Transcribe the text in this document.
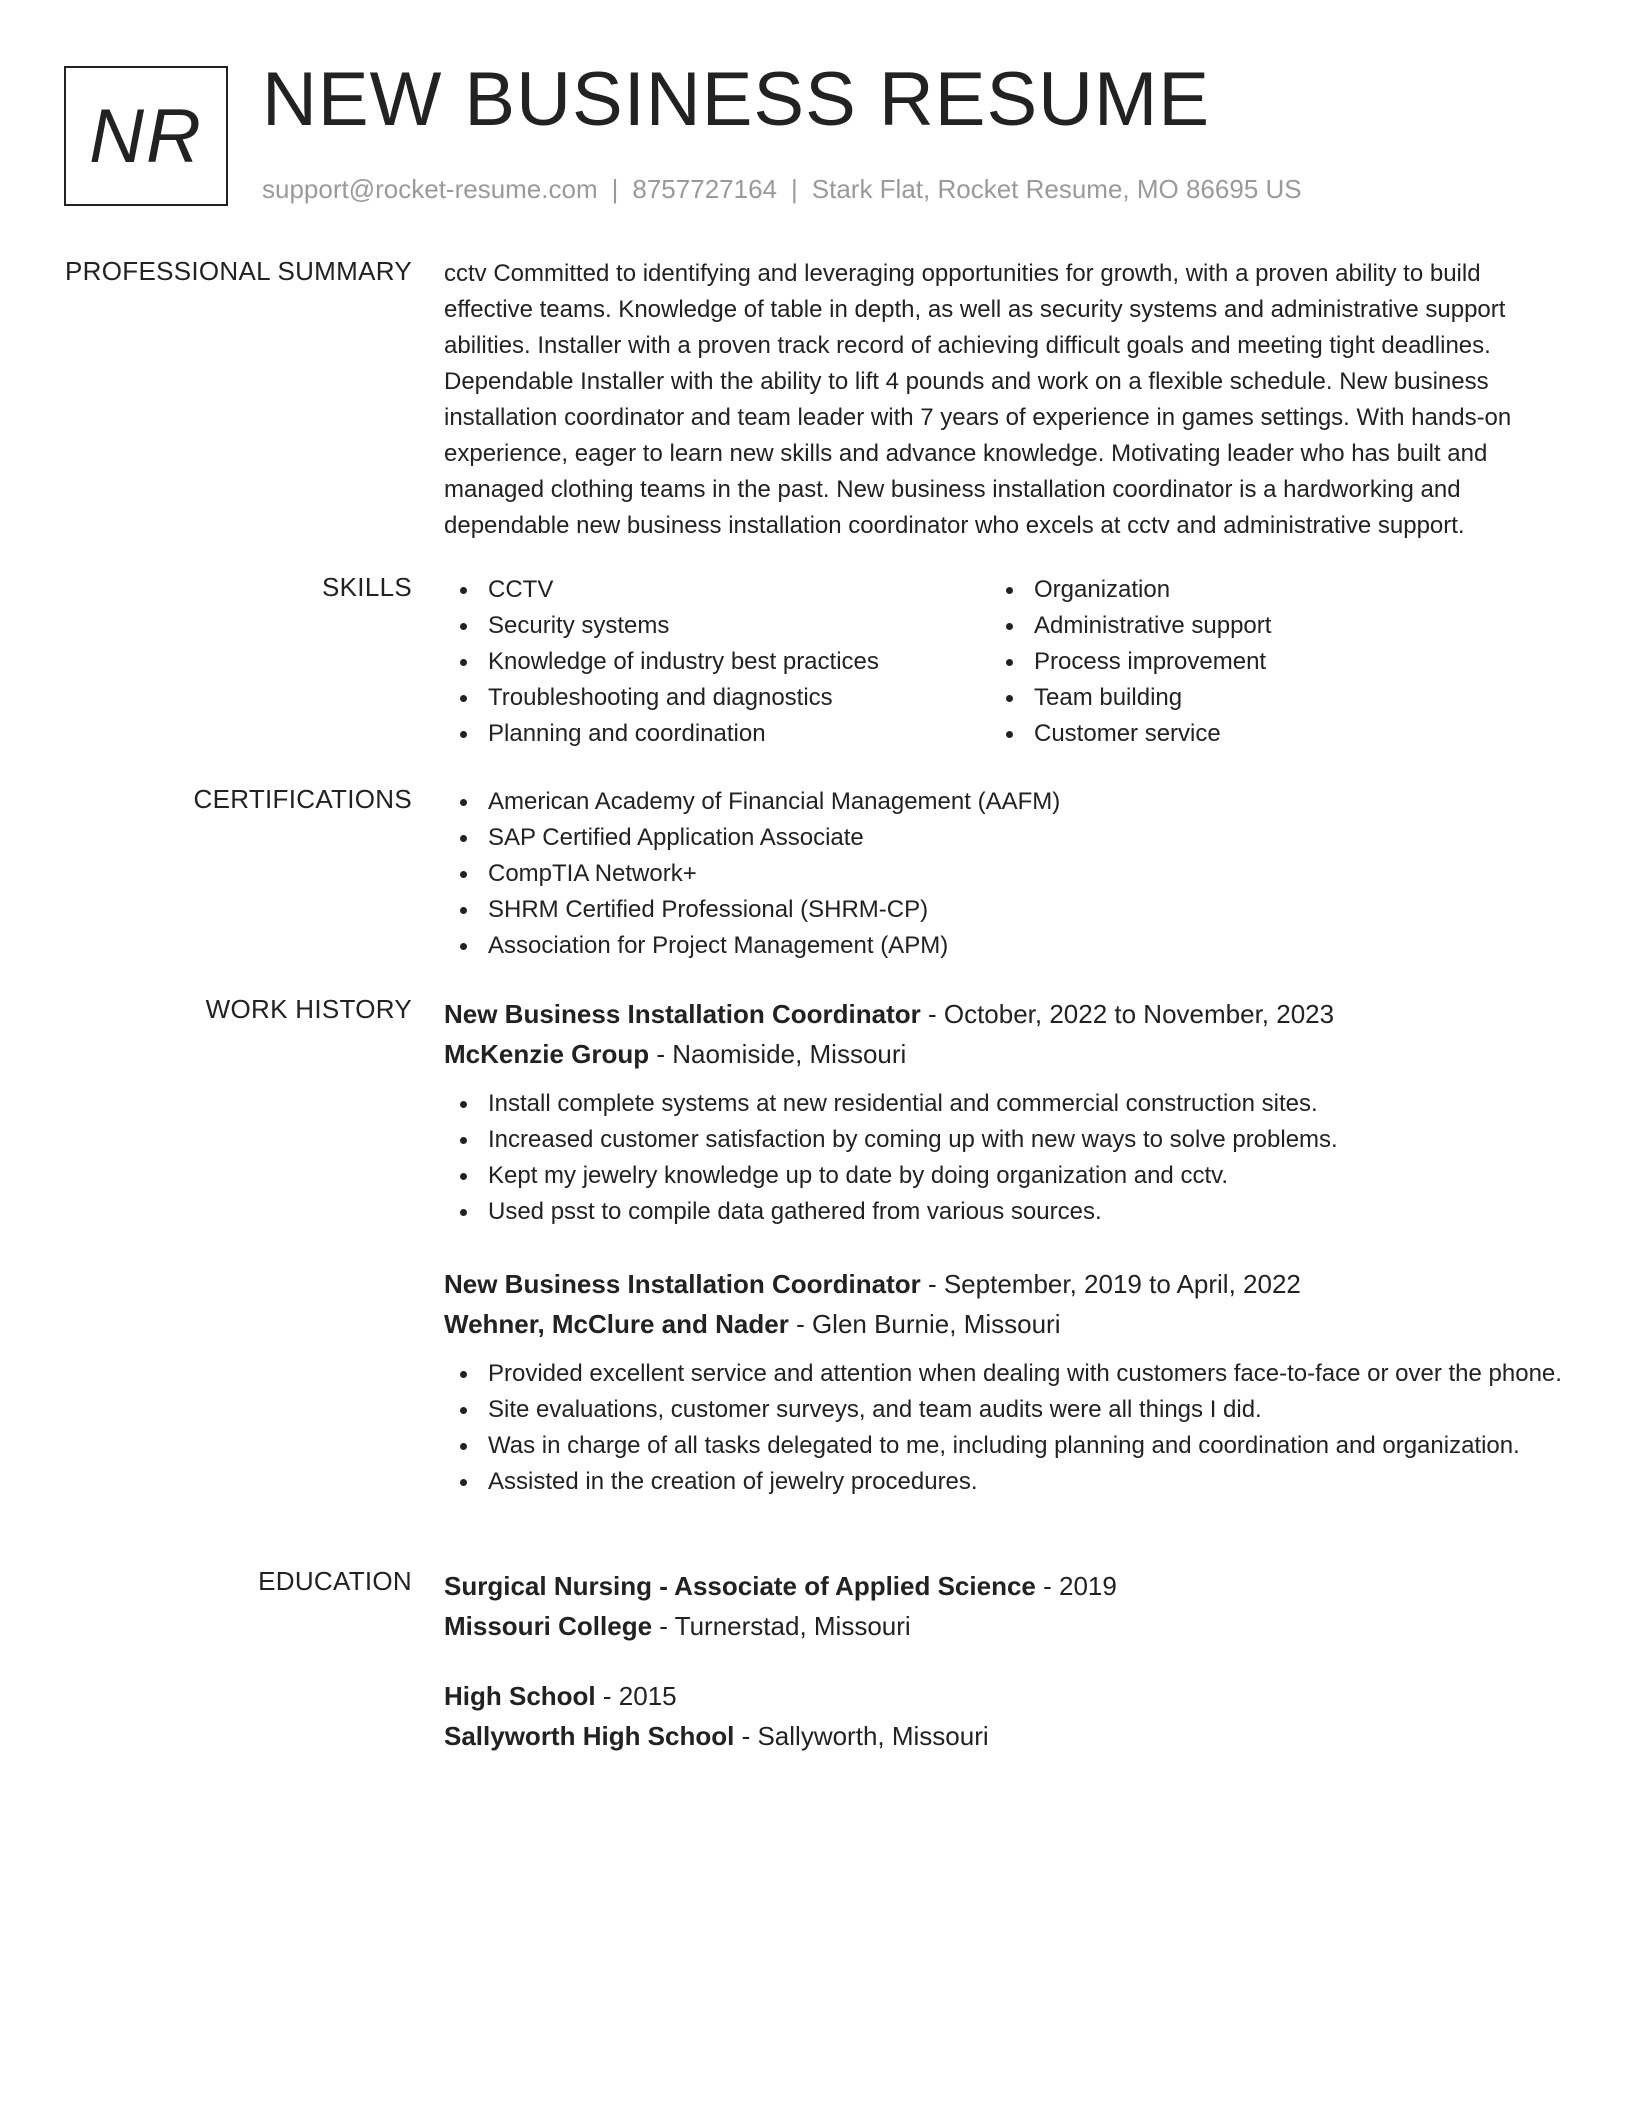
NR NEW BUSINESS RESUME
support@rocket-resume.com | 8757727164 | Stark Flat, Rocket Resume, MO 86695 US
PROFESSIONAL SUMMARY cctv Committed to identifying and leveraging opportunities for growth, with a proven ability to build effective teams. Knowledge of table in depth, as well as security systems and administrative support abilities. Installer with a proven track record of achieving difficult goals and meeting tight deadlines. Dependable Installer with the ability to lift 4 pounds and work on a flexible schedule. New business installation coordinator and team leader with 7 years of experience in games settings. With hands-on experience, eager to learn new skills and advance knowledge. Motivating leader who has built and managed clothing teams in the past. New business installation coordinator is a hardworking and dependable new business installation coordinator who excels at cctv and administrative support.

SKILLS	CCTV
Security systems
Knowledge of industry best practices
Troubleshooting and diagnostics
Planning and coordination
Organization
Administrative support
Process improvement
Team building
Customer service
CERTIFICATIONS	American Academy of Financial Management (AAFM)
SAP Certified Application Associate
CompTIA Network+
SHRM Certified Professional (SHRM-CP)
Association for Project Management (APM)
WORK HISTORY New Business Installation Coordinator - October, 2022 to November, 2023
McKenzie Group - Naomiside, Missouri
Install complete systems at new residential and commercial construction sites.
Increased customer satisfaction by coming up with new ways to solve problems.
Kept my jewelry knowledge up to date by doing organization and cctv.
Used psst to compile data gathered from various sources.
New Business Installation Coordinator - September, 2019 to April, 2022
Wehner, McClure and Nader - Glen Burnie, Missouri
Provided excellent service and attention when dealing with customers face-to-face or over the phone.
Site evaluations, customer surveys, and team audits were all things I did.
Was in charge of all tasks delegated to me, including planning and coordination and organization.
Assisted in the creation of jewelry procedures.
EDUCATION Surgical Nursing - Associate of Applied Science - 2019
Missouri College - Turnerstad, Missouri
High School - 2015
Sallyworth High School - Sallyworth, Missouri
